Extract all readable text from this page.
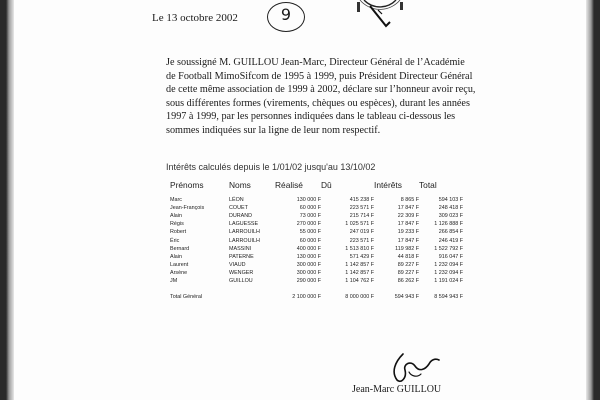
Le 13 octobre 2002	9
Je soussigné M. GUILLOU Jean-Marc, Directeur Général de l’Académie
de Football MimoSifcom de 1995 à 1999, puis Président Directeur Général
de cette même association de 1999 à 2002, déclare sur l’honneur avoir reçu,
sous différentes formes (virements, chèques ou espèces), durant les années
1997 à 1999, par les personnes indiquées dans le tableau ci-dessous les
sommes indiquées sur la ligne de leur nom respectif.
Intérêts calculés depuis le 1/01/02 jusqu'au 13/10/02
Prénoms	Noms	Réalisé	Dû	Intérêts	Total
Marc	LÉON	130 000 F	415 238 F	8 865 F	594 103 F
Jean-François	COUET	60 000 F	223 571 F	17 847 F	248 418 F
Alain	DURAND	73 000 F	215 714 F	22 309 F	309 023 F
Régis	LAGUESSE	270 000 F	1 025 571 F	17 847 F	1 126 888 F
Robert	LARROUILH	55 000 F	247 019 F	19 233 F	266 854 F
Éric	LARROUILH	60 000 F	223 571 F	17 847 F	246 419 F
Bernard	MASSINI	400 000 F	1 513 810 F	119 982 F	1 522 792 F
Alain	PATERNE	130 000 F	571 429 F	44 818 F	916 047 F
Laurent	VIAUD	300 000 F	1 142 857 F	89 227 F	1 232 094 F
Arsène	WENGER	300 000 F	1 142 857 F	89 227 F	1 232 094 F
JM	GUILLOU	290 000 F	1 104 762 F	86 262 F	1 191 024 F
Total Général		2 100 000 F	8 000 000 F	594 943 F	8 594 943 F
Jean-Marc GUILLOU
